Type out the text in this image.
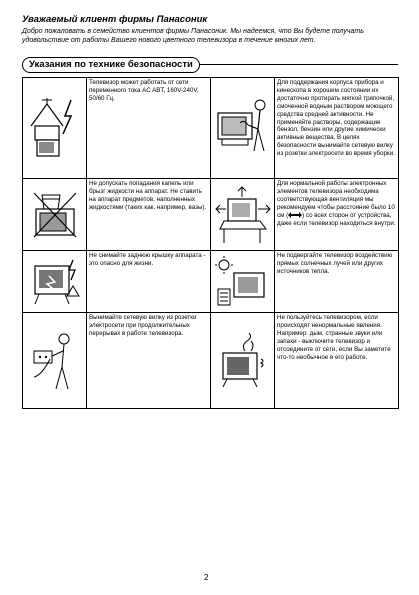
Уважаемый клиент фирмы Панасоник
Добро пожаловать в семейство клиентов фирмы Панасоник. Мы надеемся, что Вы будете получать удовольствие от работы Вашего нового цветного телевизора в течение многих лет.
Указания по технике безопасности
Телевизор может работать от сети переменного тока AC ABT, 160V-240V, 50/60 Гц.
Для поддержания корпуса прибора и кинескопа в хорошем состоянии их достаточно протирать мягкой тряпочкой, смоченной водным раствором моющего средства средней активности. Не применяйте растворы, содержащие бензол, бензин или другие химически активные вещества. В целях безопасности вынимайте сетевую вилку из розетки электросети во время уборки.
Не допускать попадания капель или брызг жидкости на аппарат. Не ставить на аппарат предметов, наполненных жидкостями (таких как, например, вазы).
Для нормальной работы электронных элементов телевизора необходима соответствующая вентиляция мы рекомендуем чтобы расстояние было 10 см ( ) со всех сторон от устройства, даже если телевизор находиться внутри.
Не снимайте заднюю крышку аппарата - это опасно для жизни.
Не подвергайте телевизор воздействию прямых солнечных лучей или других источников тепла.
Вынимайте сетевую вилку из розетки электросети при продолжительных перерывах в работе телевизора.
Не пользуйтесь телевизором, если происходят ненормальные явления. Например: дым, странные звуки или запахи - выключите телевизор и отсоедините от сети, если Вы заметите что-то необычное в его работе.
2
